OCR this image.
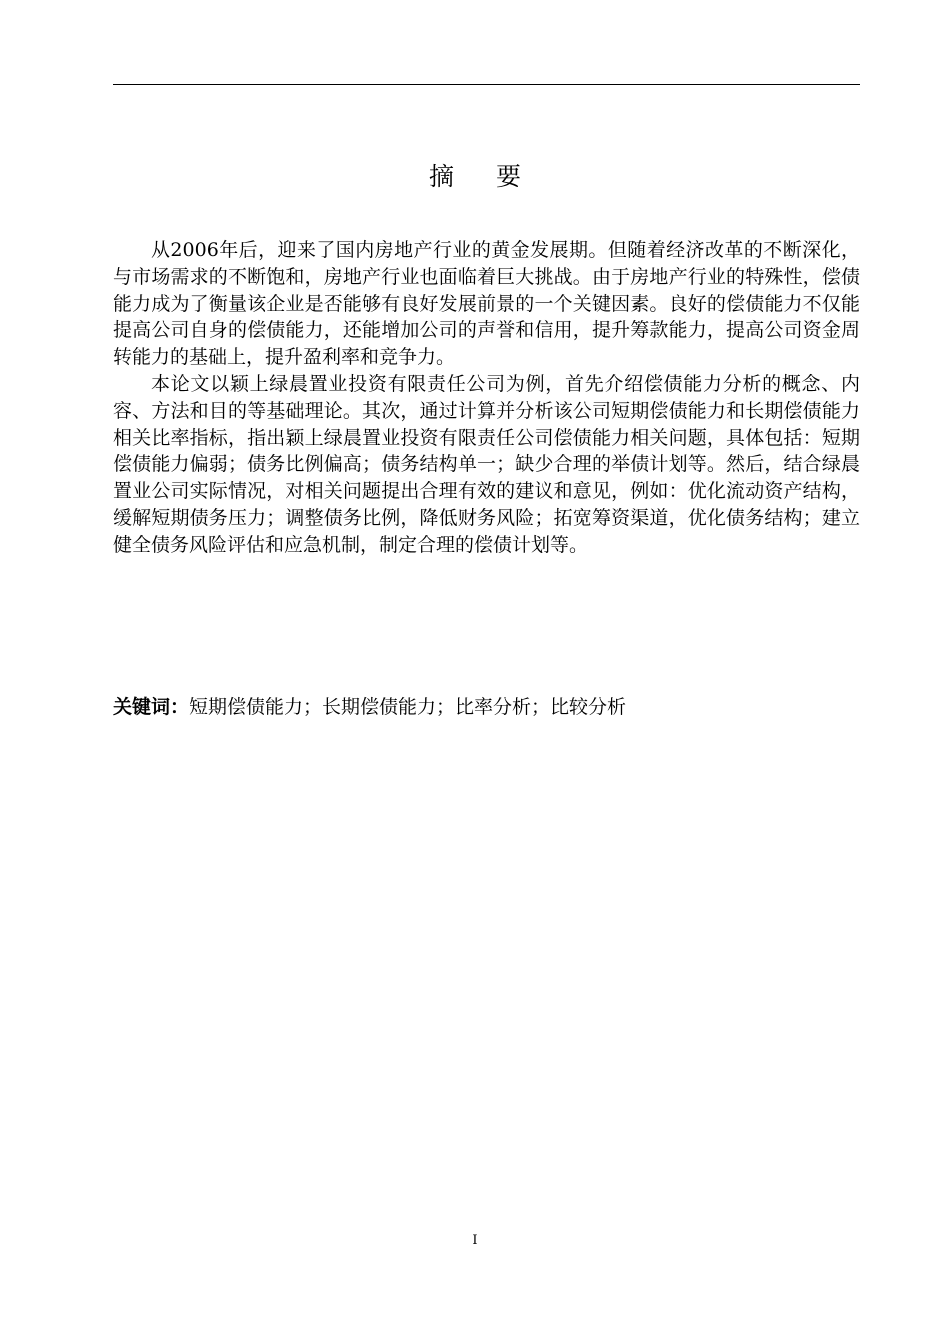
摘 要

从2006年后，迎来了国内房地产行业的黄金发展期。但随着经济改革的不断深化，与市场需求的不断饱和，房地产行业也面临着巨大挑战。由于房地产行业的特殊性，偿债能力成为了衡量该企业是否能够有良好发展前景的一个关键因素。良好的偿债能力不仅能提高公司自身的偿债能力，还能增加公司的声誉和信用，提升筹款能力，提高公司资金周转能力的基础上，提升盈利率和竞争力。

本论文以颖上绿晨置业投资有限责任公司为例，首先介绍偿债能力分析的概念、内容、方法和目的等基础理论。其次，通过计算并分析该公司短期偿债能力和长期偿债能力相关比率指标，指出颖上绿晨置业投资有限责任公司偿债能力相关问题，具体包括：短期偿债能力偏弱；债务比例偏高；债务结构单一；缺少合理的举债计划等。然后，结合绿晨置业公司实际情况，对相关问题提出合理有效的建议和意见，例如：优化流动资产结构，缓解短期债务压力；调整债务比例，降低财务风险；拓宽筹资渠道，优化债务结构；建立健全债务风险评估和应急机制，制定合理的偿债计划等。

关键词：短期偿债能力；长期偿债能力；比率分析；比较分析
I
